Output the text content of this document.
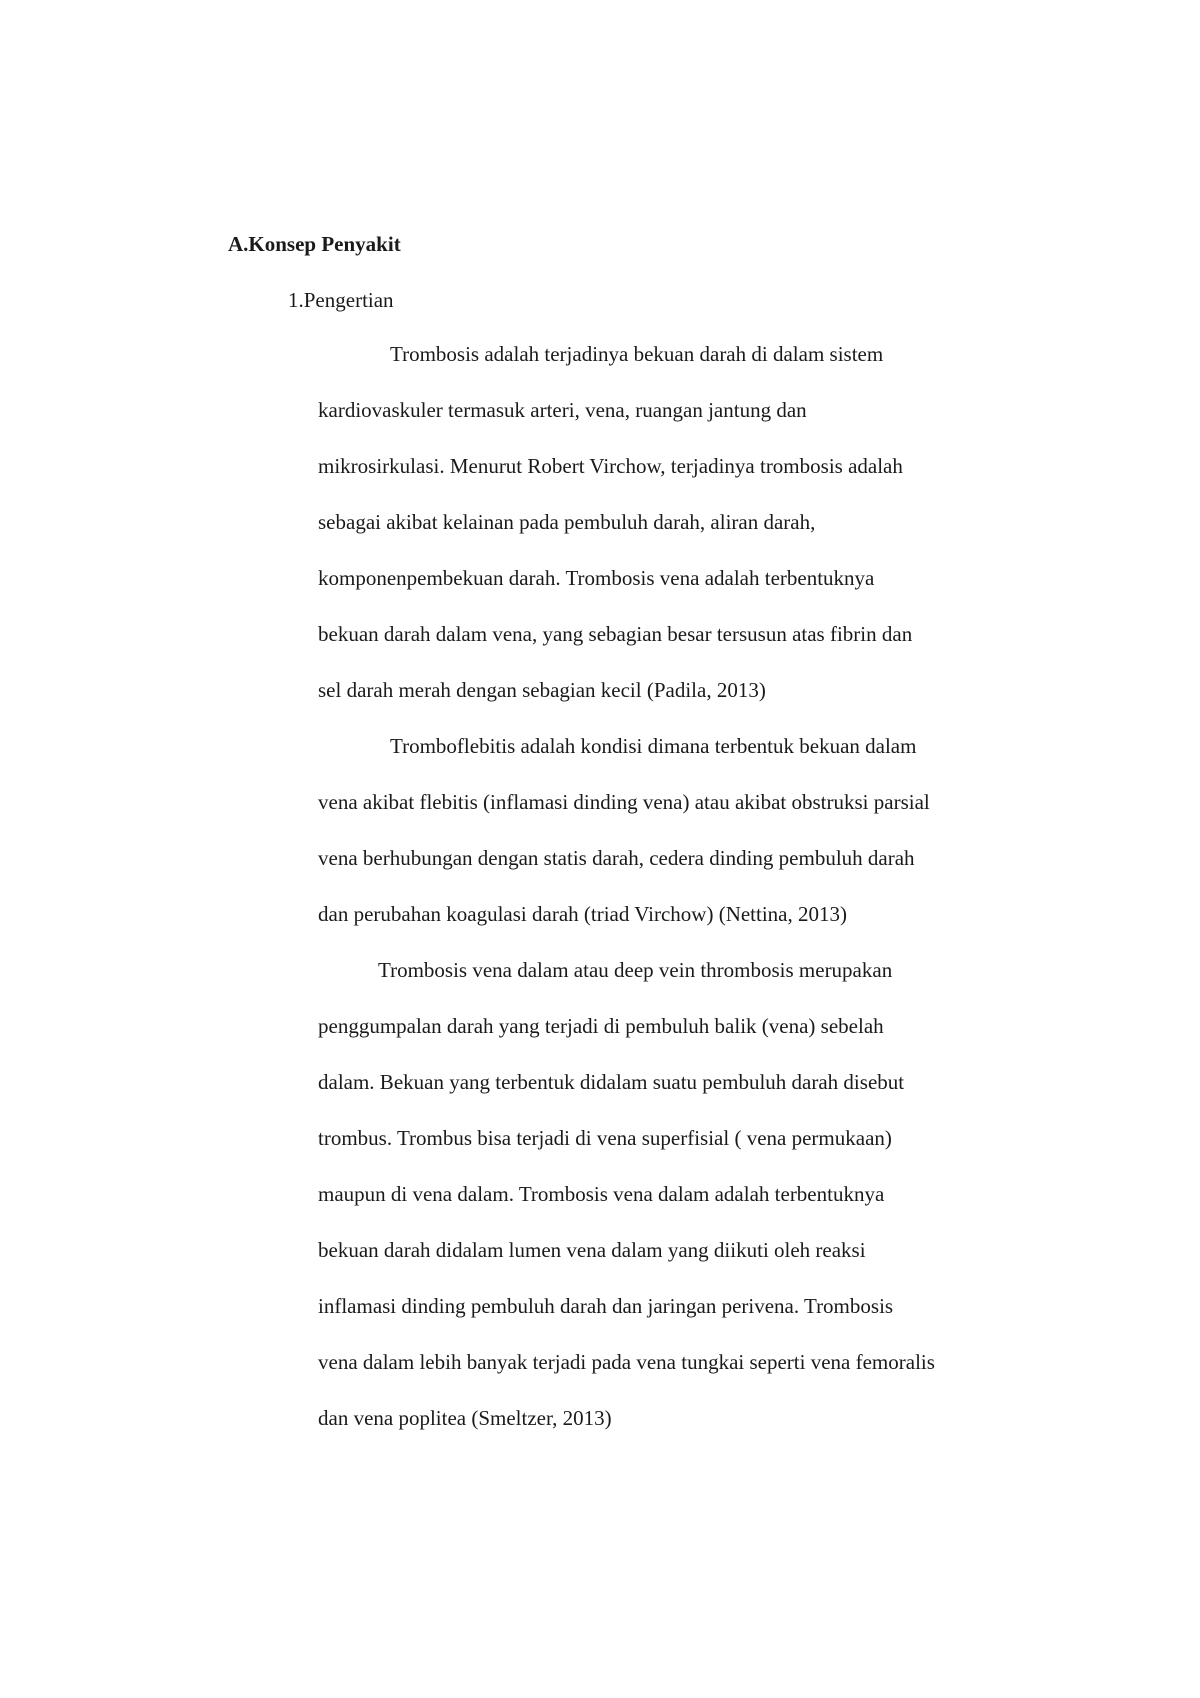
A.Konsep Penyakit
1.Pengertian
Trombosis adalah terjadinya bekuan darah di dalam sistem
kardiovaskuler termasuk arteri, vena, ruangan jantung dan
mikrosirkulasi. Menurut Robert Virchow, terjadinya trombosis adalah
sebagai akibat kelainan pada pembuluh darah, aliran darah,
komponenpembekuan darah. Trombosis vena adalah terbentuknya
bekuan darah dalam vena, yang sebagian besar tersusun atas fibrin dan
sel darah merah dengan sebagian kecil (Padila, 2013)
Tromboflebitis adalah kondisi dimana terbentuk bekuan dalam
vena akibat flebitis (inflamasi dinding vena) atau akibat obstruksi parsial
vena berhubungan dengan statis darah, cedera dinding pembuluh darah
dan perubahan koagulasi darah (triad Virchow) (Nettina, 2013)
Trombosis vena dalam atau deep vein thrombosis merupakan
penggumpalan darah yang terjadi di pembuluh balik (vena) sebelah
dalam. Bekuan yang terbentuk didalam suatu pembuluh darah disebut
trombus. Trombus bisa terjadi di vena superfisial ( vena permukaan)
maupun di vena dalam. Trombosis vena dalam adalah terbentuknya
bekuan darah didalam lumen vena dalam yang diikuti oleh reaksi
inflamasi dinding pembuluh darah dan jaringan perivena. Trombosis
vena dalam lebih banyak terjadi pada vena tungkai seperti vena femoralis
dan vena poplitea (Smeltzer, 2013)
